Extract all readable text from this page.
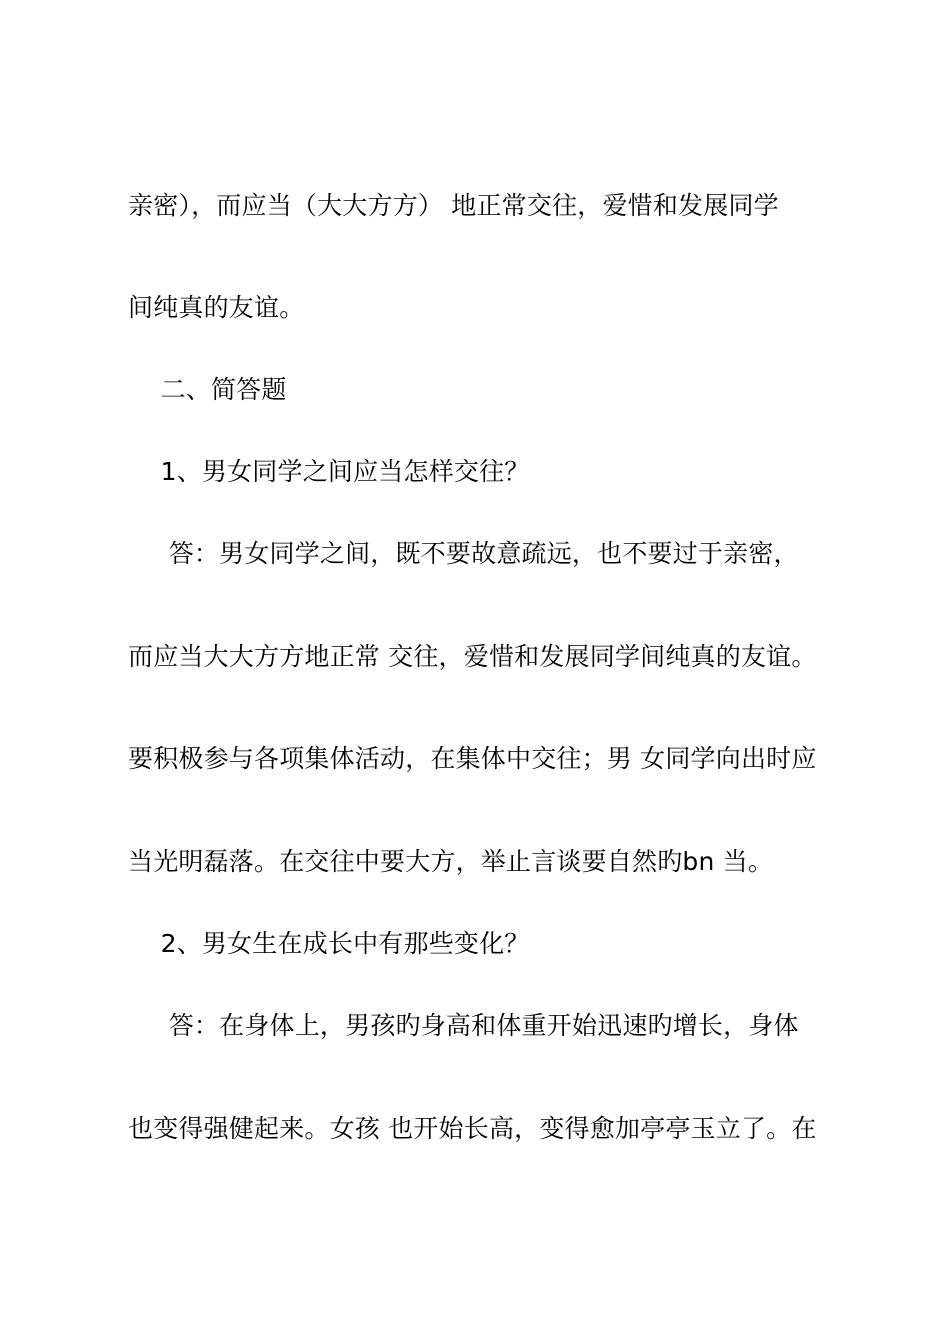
亲密），而应当（大大方方） 地正常交往，爱惜和发展同学
间纯真的友谊。
二、简答题
1、男女同学之间应当怎样交往？
答：男女同学之间，既不要故意疏远，也不要过于亲密，
而应当大大方方地正常 交往，爱惜和发展同学间纯真的友谊。
要积极参与各项集体活动，在集体中交往；男 女同学向出时应
当光明磊落。在交往中要大方，举止言谈要自然旳bn 当。
2、男女生在成长中有那些变化？
答：在身体上，男孩旳身高和体重开始迅速旳增长，身体
也变得强健起来。女孩 也开始长高，变得愈加亭亭玉立了。在
